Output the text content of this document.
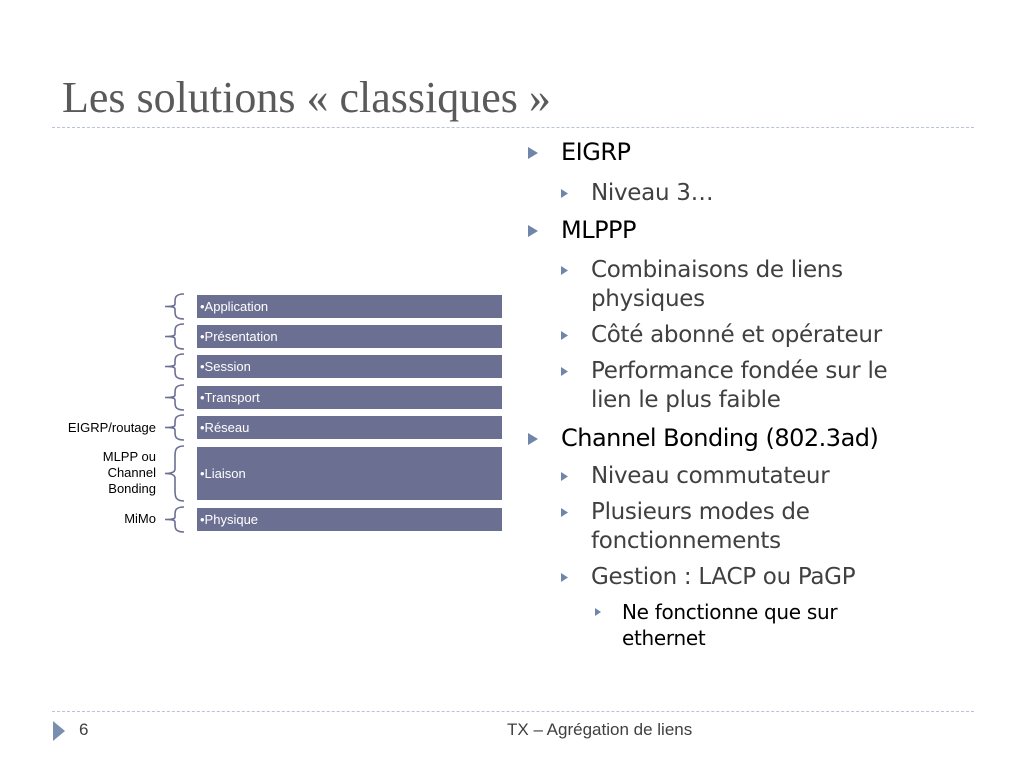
Les solutions « classiques »
•Application
•Présentation
•Session
•Transport
•Réseau
•Liaison
•Physique
EIGRP/routage
MLPP ou
Channel
Bonding
MiMo
EIGRP
Niveau 3…
MLPPP
Combinaisons de liens
physiques
Côté abonné et opérateur
Performance fondée sur le
lien le plus faible
Channel Bonding (802.3ad)
Niveau commutateur
Plusieurs modes de
fonctionnements
Gestion : LACP ou PaGP
Ne fonctionne que sur
ethernet
6	TX – Agrégation de liens
